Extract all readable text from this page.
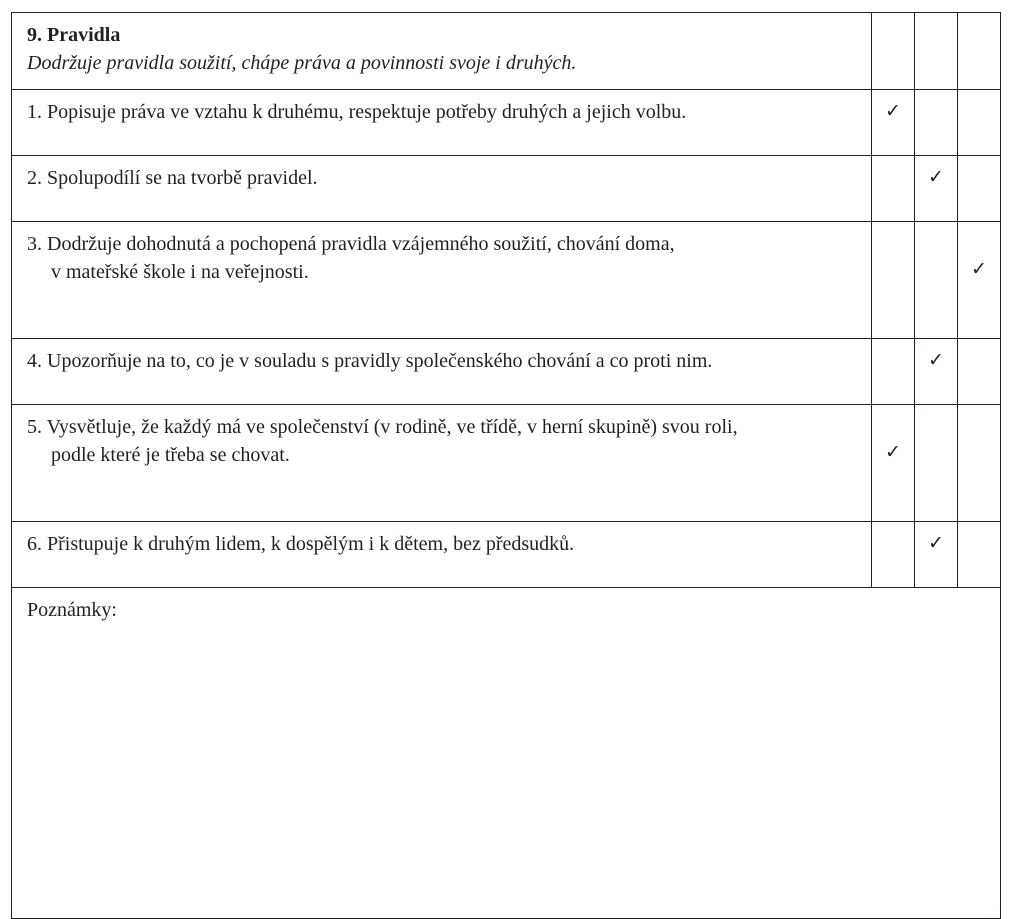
9. Pravidla
Dodržuje pravidla soužití, chápe práva a povinnosti svoje i druhých.			

1. Popisuje práva ve vztahu k druhému, respektuje potřeby druhých a jejich volbu.	✓		

2. Spolupodílí se na tvorbě pravidel.		✓	

3. Dodržuje dohodnutá a pochopená pravidla vzájemného soužití, chování doma,
v mateřské škole i na veřejnosti.			✓

4. Upozorňuje na to, co je v souladu s pravidly společenského chování a co proti nim.		✓	

5. Vysvětluje, že každý má ve společenství (v rodině, ve třídě, v herní skupině) svou roli,
podle které je třeba se chovat.	✓		

6. Přistupuje k druhým lidem, k dospělým i k dětem, bez předsudků.		✓	

Poznámky:			
